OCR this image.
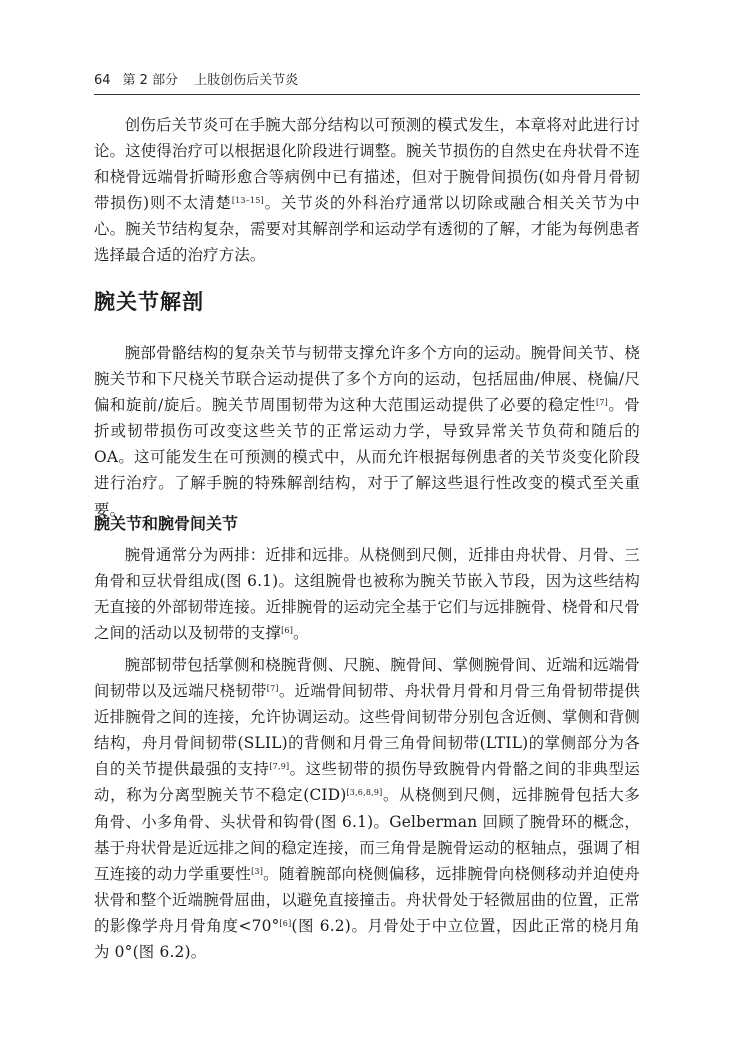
64 第 2 部分 上肢创伤后关节炎

创伤后关节炎可在手腕大部分结构以可预测的模式发生，本章将对此进行讨论。这使得治疗可以根据退化阶段进行调整。腕关节损伤的自然史在舟状骨不连和桡骨远端骨折畸形愈合等病例中已有描述，但对于腕骨间损伤(如舟骨月骨韧带损伤)则不太清楚[13–15]。关节炎的外科治疗通常以切除或融合相关关节为中心。腕关节结构复杂，需要对其解剖学和运动学有透彻的了解，才能为每例患者选择最合适的治疗方法。

腕关节解剖

腕部骨骼结构的复杂关节与韧带支撑允许多个方向的运动。腕骨间关节、桡腕关节和下尺桡关节联合运动提供了多个方向的运动，包括屈曲/伸展、桡偏/尺偏和旋前/旋后。腕关节周围韧带为这种大范围运动提供了必要的稳定性[7]。骨折或韧带损伤可改变这些关节的正常运动力学，导致异常关节负荷和随后的 OA。这可能发生在可预测的模式中，从而允许根据每例患者的关节炎变化阶段进行治疗。了解手腕的特殊解剖结构，对于了解这些退行性改变的模式至关重要。

腕关节和腕骨间关节

腕骨通常分为两排：近排和远排。从桡侧到尺侧，近排由舟状骨、月骨、三角骨和豆状骨组成(图 6.1)。这组腕骨也被称为腕关节嵌入节段，因为这些结构无直接的外部韧带连接。近排腕骨的运动完全基于它们与远排腕骨、桡骨和尺骨之间的活动以及韧带的支撑[6]。

腕部韧带包括掌侧和桡腕背侧、尺腕、腕骨间、掌侧腕骨间、近端和远端骨间韧带以及远端尺桡韧带[7]。近端骨间韧带、舟状骨月骨和月骨三角骨韧带提供近排腕骨之间的连接，允许协调运动。这些骨间韧带分别包含近侧、掌侧和背侧结构，舟月骨间韧带(SLIL)的背侧和月骨三角骨间韧带(LTIL)的掌侧部分为各自的关节提供最强的支持[7,9]。这些韧带的损伤导致腕骨内骨骼之间的非典型运动，称为分离型腕关节不稳定(CID)[3,6,8,9]。从桡侧到尺侧，远排腕骨包括大多角骨、小多角骨、头状骨和钩骨(图 6.1)。Gelberman 回顾了腕骨环的概念，基于舟状骨是近远排之间的稳定连接，而三角骨是腕骨运动的枢轴点，强调了相互连接的动力学重要性[3]。随着腕部向桡侧偏移，远排腕骨向桡侧移动并迫使舟状骨和整个近端腕骨屈曲，以避免直接撞击。舟状骨处于轻微屈曲的位置，正常的影像学舟月骨角度<70°[6](图 6.2)。月骨处于中立位置，因此正常的桡月角为 0°(图 6.2)。
